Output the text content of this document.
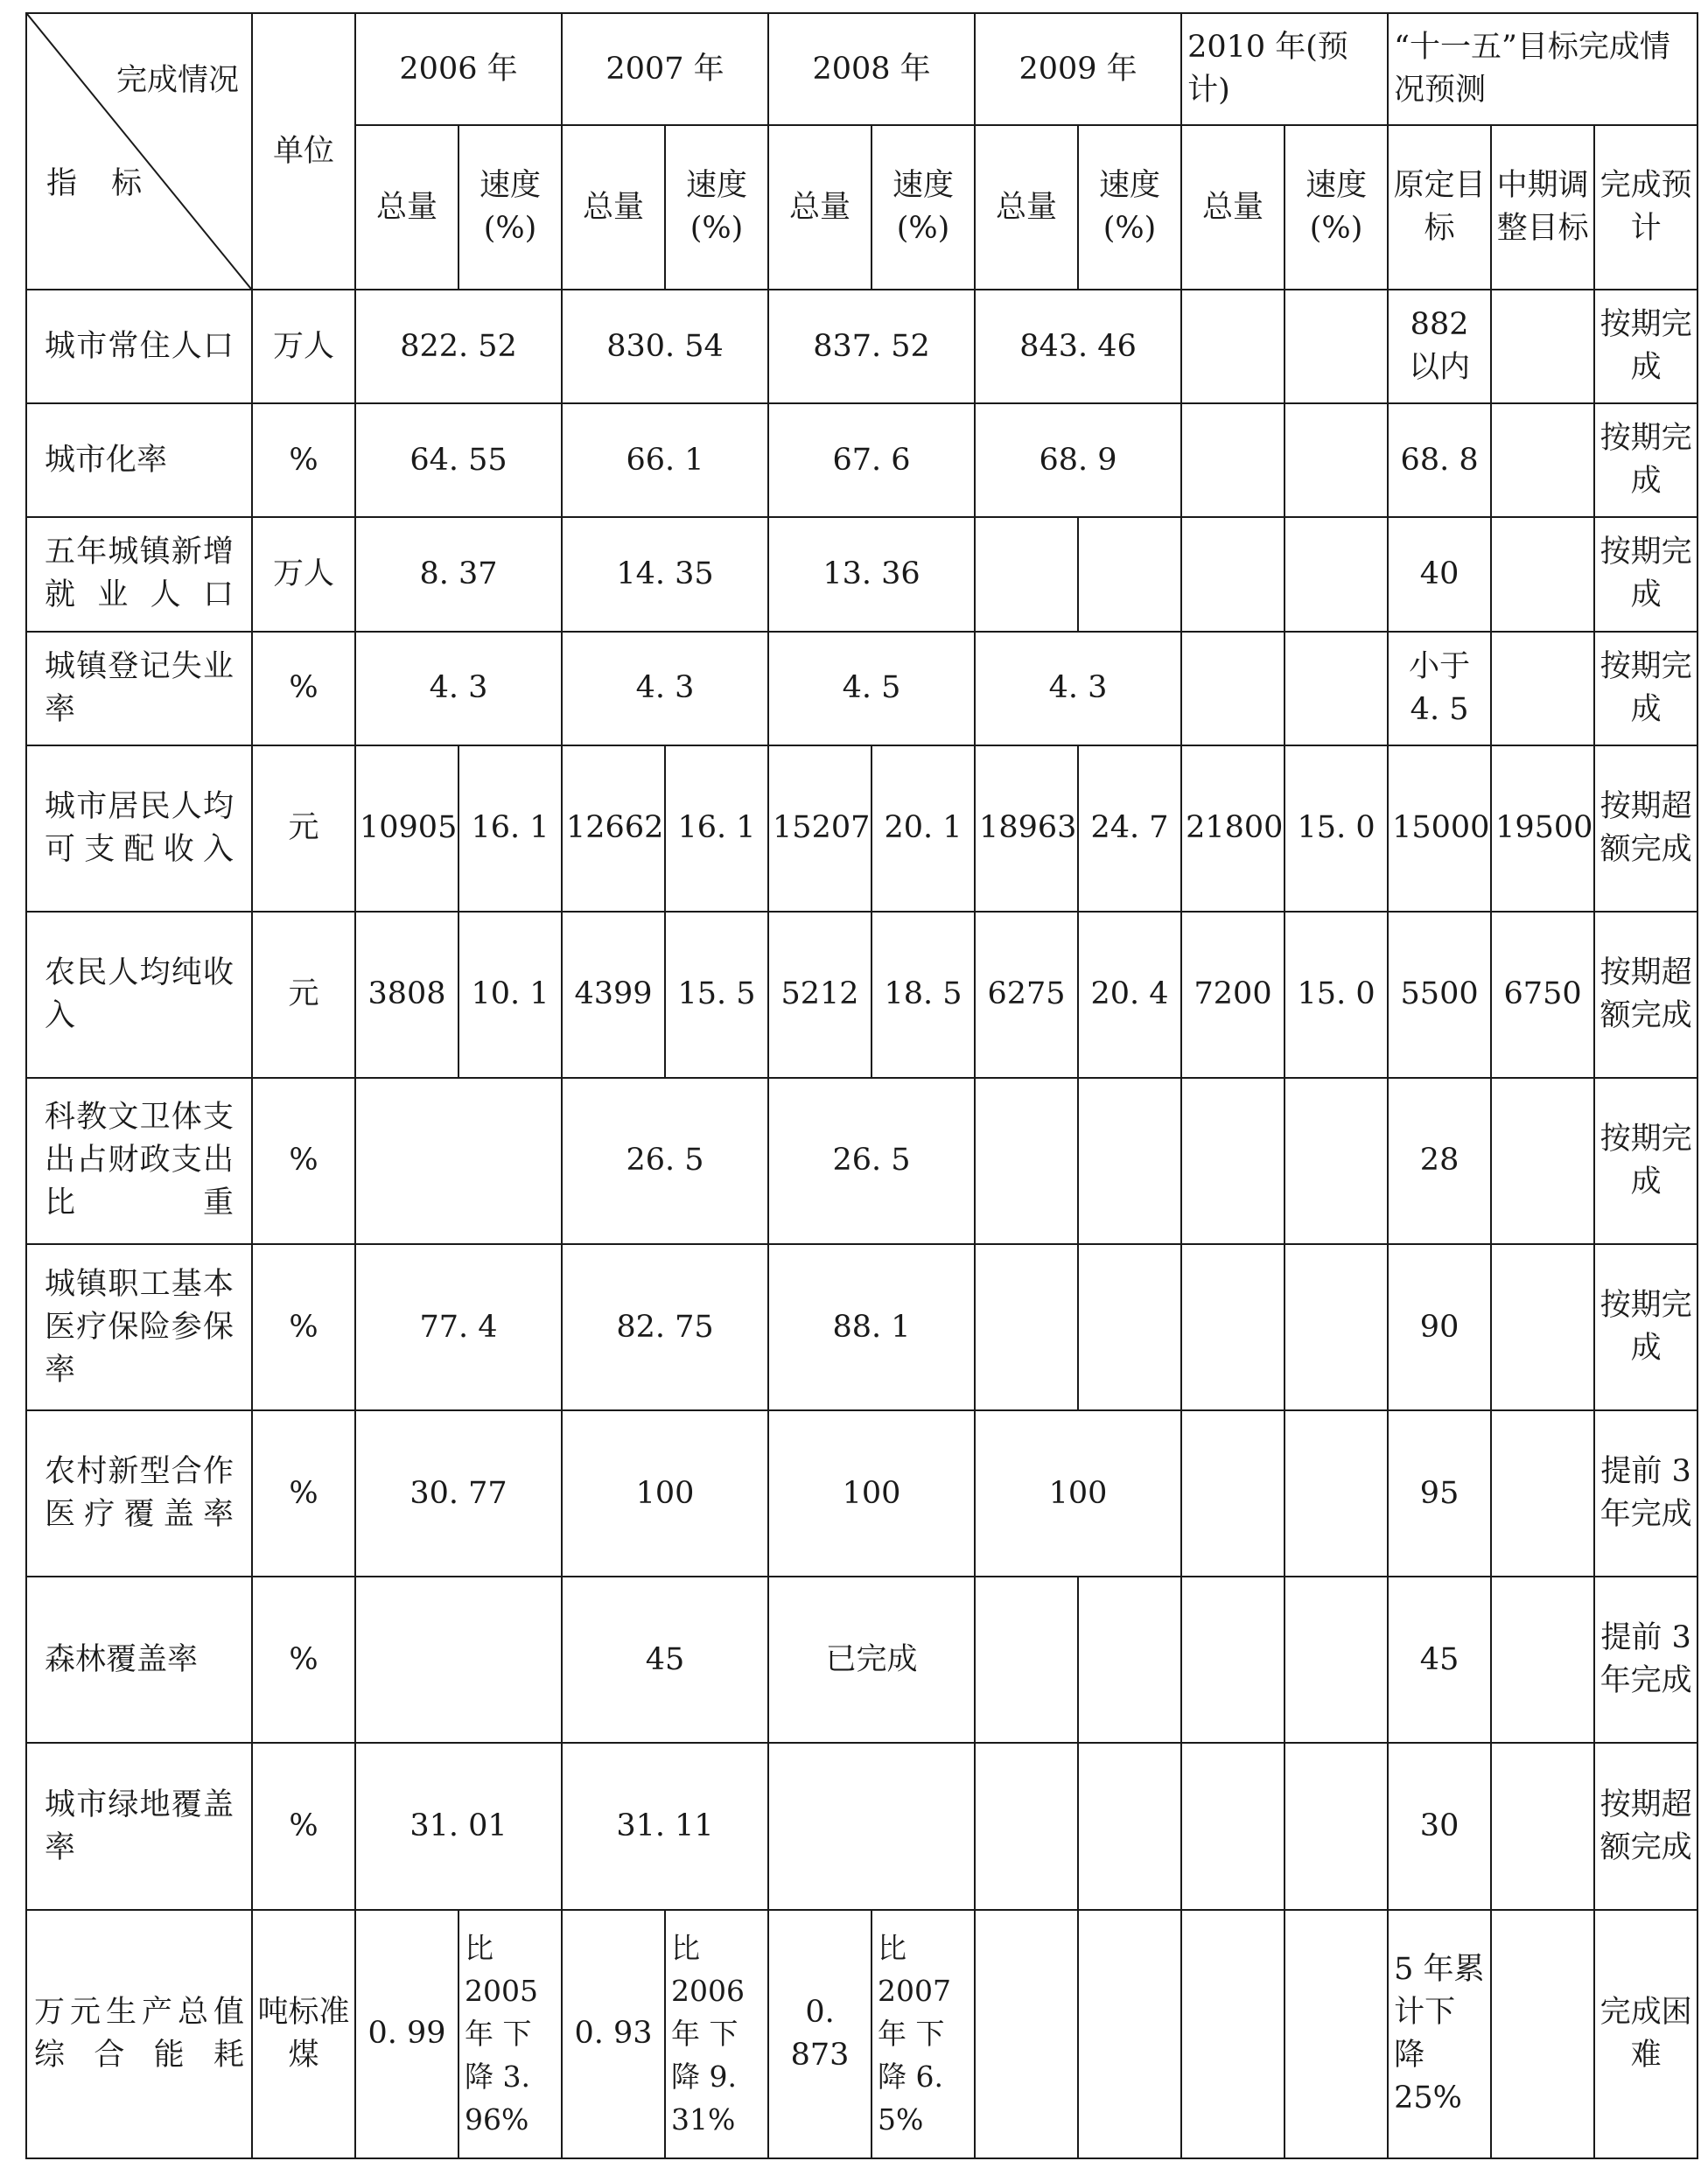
完成情况
指 标	单位	2006 年		2007 年		2008 年		2009 年		2010 年(预计)		“十一五”目标完成情况预测		
		总量	速度(%)	总量	速度(%)	总量	速度(%)	总量	速度(%)	总量	速度(%)	原定目标	中期调整目标	完成预计
城市常住人口	万人	822. 52		830. 54		837. 52		843. 46				882 以内		按期完成
城市化率	%	64. 55		66. 1		67. 6		68. 9				68. 8		按期完成
五年城镇新增就业人口	万人	8. 37		14. 35		13. 36						40		按期完成
城镇登记失业率	%	4. 3		4. 3		4. 5		4. 3				小于 4. 5		按期完成
城市居民人均可支配收入	元	10905	16. 1	12662	16. 1	15207	20. 1	18963	24. 7	21800	15. 0	15000	19500	按期超额完成
农民人均纯收入	元	3808	10. 1	4399	15. 5	5212	18. 5	6275	20. 4	7200	15. 0	5500	6750	按期超额完成
科教文卫体支出占财政支出比重	%			26. 5		26. 5						28		按期完成
城镇职工基本医疗保险参保率	%	77. 4		82. 75		88. 1						90		按期完成
农村新型合作医疗覆盖率	%	30. 77		100		100		100				95		提前 3 年完成
森林覆盖率	%			45		已完成						45		提前 3 年完成
城市绿地覆盖率	%	31. 01		31. 11								30		按期超额完成
万元生产总值综合能耗	吨标准煤	0. 99	比 2005 年 下 降 3. 96%	0. 93	比 2006 年 下 降 9. 31%	0. 873	比 2007 年 下 降 6. 5%					5 年累计下降 25%		完成困难
